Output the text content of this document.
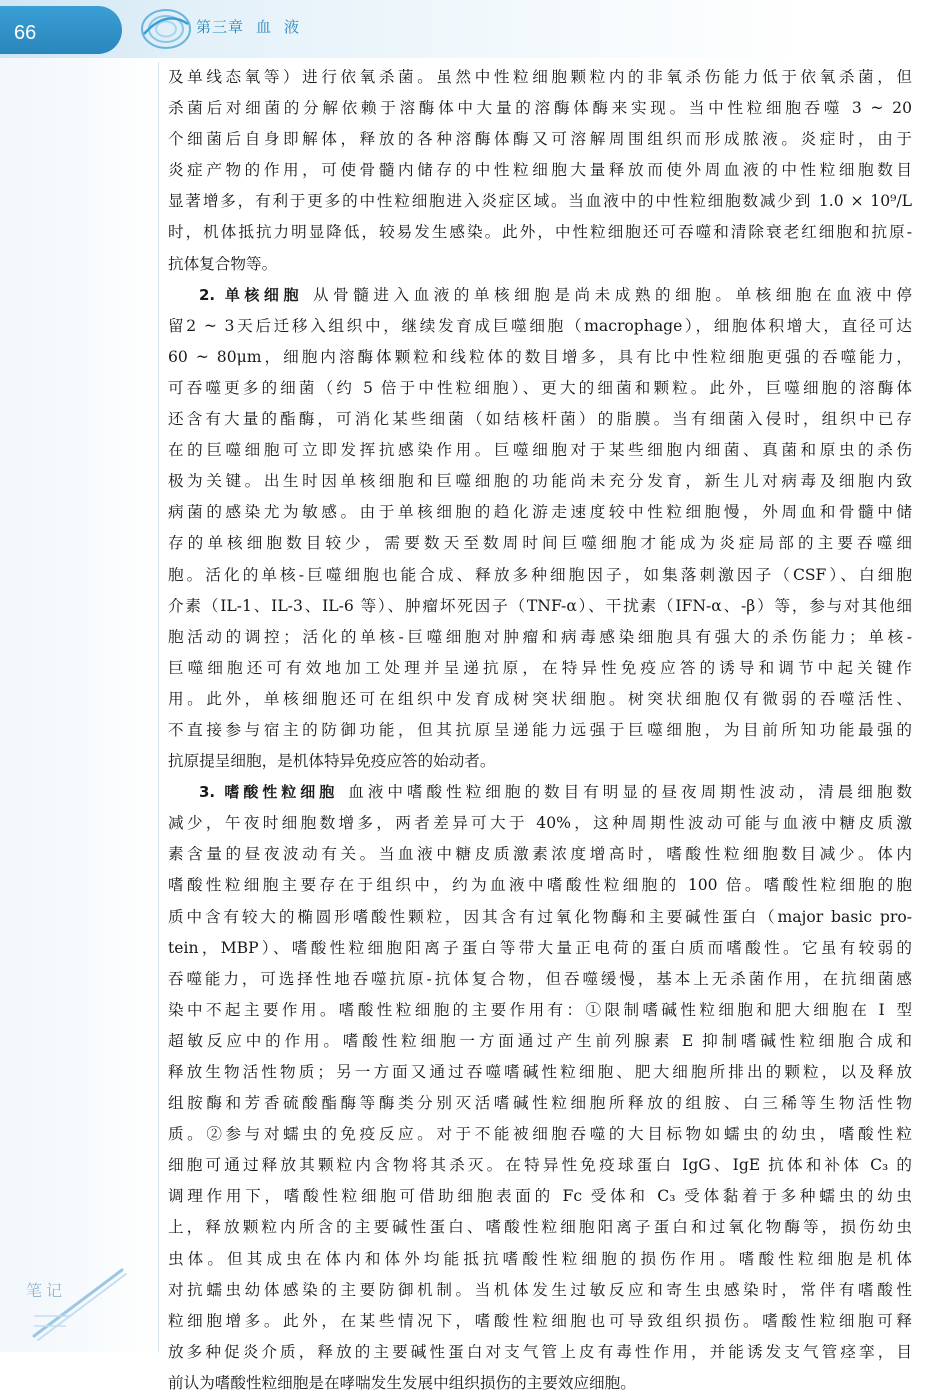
66	第三章 血 液
及单线态氧等）进行依氧杀菌。虽然中性粒细胞颗粒内的非氧杀伤能力低于依氧杀菌，但
杀菌后对细菌的分解依赖于溶酶体中大量的溶酶体酶来实现。当中性粒细胞吞噬 3 ~ 20
个细菌后自身即解体，释放的各种溶酶体酶又可溶解周围组织而形成脓液。炎症时，由于
炎症产物的作用，可使骨髓内储存的中性粒细胞大量释放而使外周血液的中性粒细胞数目
显著增多，有利于更多的中性粒细胞进入炎症区域。当血液中的中性粒细胞数减少到 1.0 × 10⁹/L
时，机体抵抗力明显降低，较易发生感染。此外，中性粒细胞还可吞噬和清除衰老红细胞和抗原-
抗体复合物等。
2. 单核细胞 从骨髓进入血液的单核细胞是尚未成熟的细胞。单核细胞在血液中停
留2 ~ 3天后迁移入组织中，继续发育成巨噬细胞（macrophage），细胞体积增大，直径可达
60 ~ 80μm，细胞内溶酶体颗粒和线粒体的数目增多，具有比中性粒细胞更强的吞噬能力，
可吞噬更多的细菌（约 5 倍于中性粒细胞）、更大的细菌和颗粒。此外，巨噬细胞的溶酶体
还含有大量的酯酶，可消化某些细菌（如结核杆菌）的脂膜。当有细菌入侵时，组织中已存
在的巨噬细胞可立即发挥抗感染作用。巨噬细胞对于某些细胞内细菌、真菌和原虫的杀伤
极为关键。出生时因单核细胞和巨噬细胞的功能尚未充分发育，新生儿对病毒及细胞内致
病菌的感染尤为敏感。由于单核细胞的趋化游走速度较中性粒细胞慢，外周血和骨髓中储
存的单核细胞数目较少，需要数天至数周时间巨噬细胞才能成为炎症局部的主要吞噬细
胞。活化的单核-巨噬细胞也能合成、释放多种细胞因子，如集落刺激因子（CSF）、白细胞
介素（IL-1、IL-3、IL-6 等）、肿瘤坏死因子（TNF-α）、干扰素（IFN-α、-β）等，参与对其他细
胞活动的调控；活化的单核-巨噬细胞对肿瘤和病毒感染细胞具有强大的杀伤能力；单核-
巨噬细胞还可有效地加工处理并呈递抗原，在特异性免疫应答的诱导和调节中起关键作
用。此外，单核细胞还可在组织中发育成树突状细胞。树突状细胞仅有微弱的吞噬活性、
不直接参与宿主的防御功能，但其抗原呈递能力远强于巨噬细胞，为目前所知功能最强的
抗原提呈细胞，是机体特异免疫应答的始动者。
3. 嗜酸性粒细胞 血液中嗜酸性粒细胞的数目有明显的昼夜周期性波动，清晨细胞数
减少，午夜时细胞数增多，两者差异可大于 40%，这种周期性波动可能与血液中糖皮质激
素含量的昼夜波动有关。当血液中糖皮质激素浓度增高时，嗜酸性粒细胞数目减少。体内
嗜酸性粒细胞主要存在于组织中，约为血液中嗜酸性粒细胞的 100 倍。嗜酸性粒细胞的胞
质中含有较大的椭圆形嗜酸性颗粒，因其含有过氧化物酶和主要碱性蛋白（major basic pro-
tein，MBP）、嗜酸性粒细胞阳离子蛋白等带大量正电荷的蛋白质而嗜酸性。它虽有较弱的
吞噬能力，可选择性地吞噬抗原-抗体复合物，但吞噬缓慢，基本上无杀菌作用，在抗细菌感
染中不起主要作用。嗜酸性粒细胞的主要作用有：①限制嗜碱性粒细胞和肥大细胞在 Ⅰ 型
超敏反应中的作用。嗜酸性粒细胞一方面通过产生前列腺素 E 抑制嗜碱性粒细胞合成和
释放生物活性物质；另一方面又通过吞噬嗜碱性粒细胞、肥大细胞所排出的颗粒，以及释放
组胺酶和芳香硫酸酯酶等酶类分别灭活嗜碱性粒细胞所释放的组胺、白三稀等生物活性物
质。②参与对蠕虫的免疫反应。对于不能被细胞吞噬的大目标物如蠕虫的幼虫，嗜酸性粒
细胞可通过释放其颗粒内含物将其杀灭。在特异性免疫球蛋白 IgG、IgE 抗体和补体 C₃ 的
调理作用下，嗜酸性粒细胞可借助细胞表面的 Fc 受体和 C₃ 受体黏着于多种蠕虫的幼虫
上，释放颗粒内所含的主要碱性蛋白、嗜酸性粒细胞阳离子蛋白和过氧化物酶等，损伤幼虫
虫体。但其成虫在体内和体外均能抵抗嗜酸性粒细胞的损伤作用。嗜酸性粒细胞是机体
对抗蠕虫幼体感染的主要防御机制。当机体发生过敏反应和寄生虫感染时，常伴有嗜酸性
粒细胞增多。此外，在某些情况下，嗜酸性粒细胞也可导致组织损伤。嗜酸性粒细胞可释
放多种促炎介质，释放的主要碱性蛋白对支气管上皮有毒性作用，并能诱发支气管痉挛，目
前认为嗜酸性粒细胞是在哮喘发生发展中组织损伤的主要效应细胞。
笔记
